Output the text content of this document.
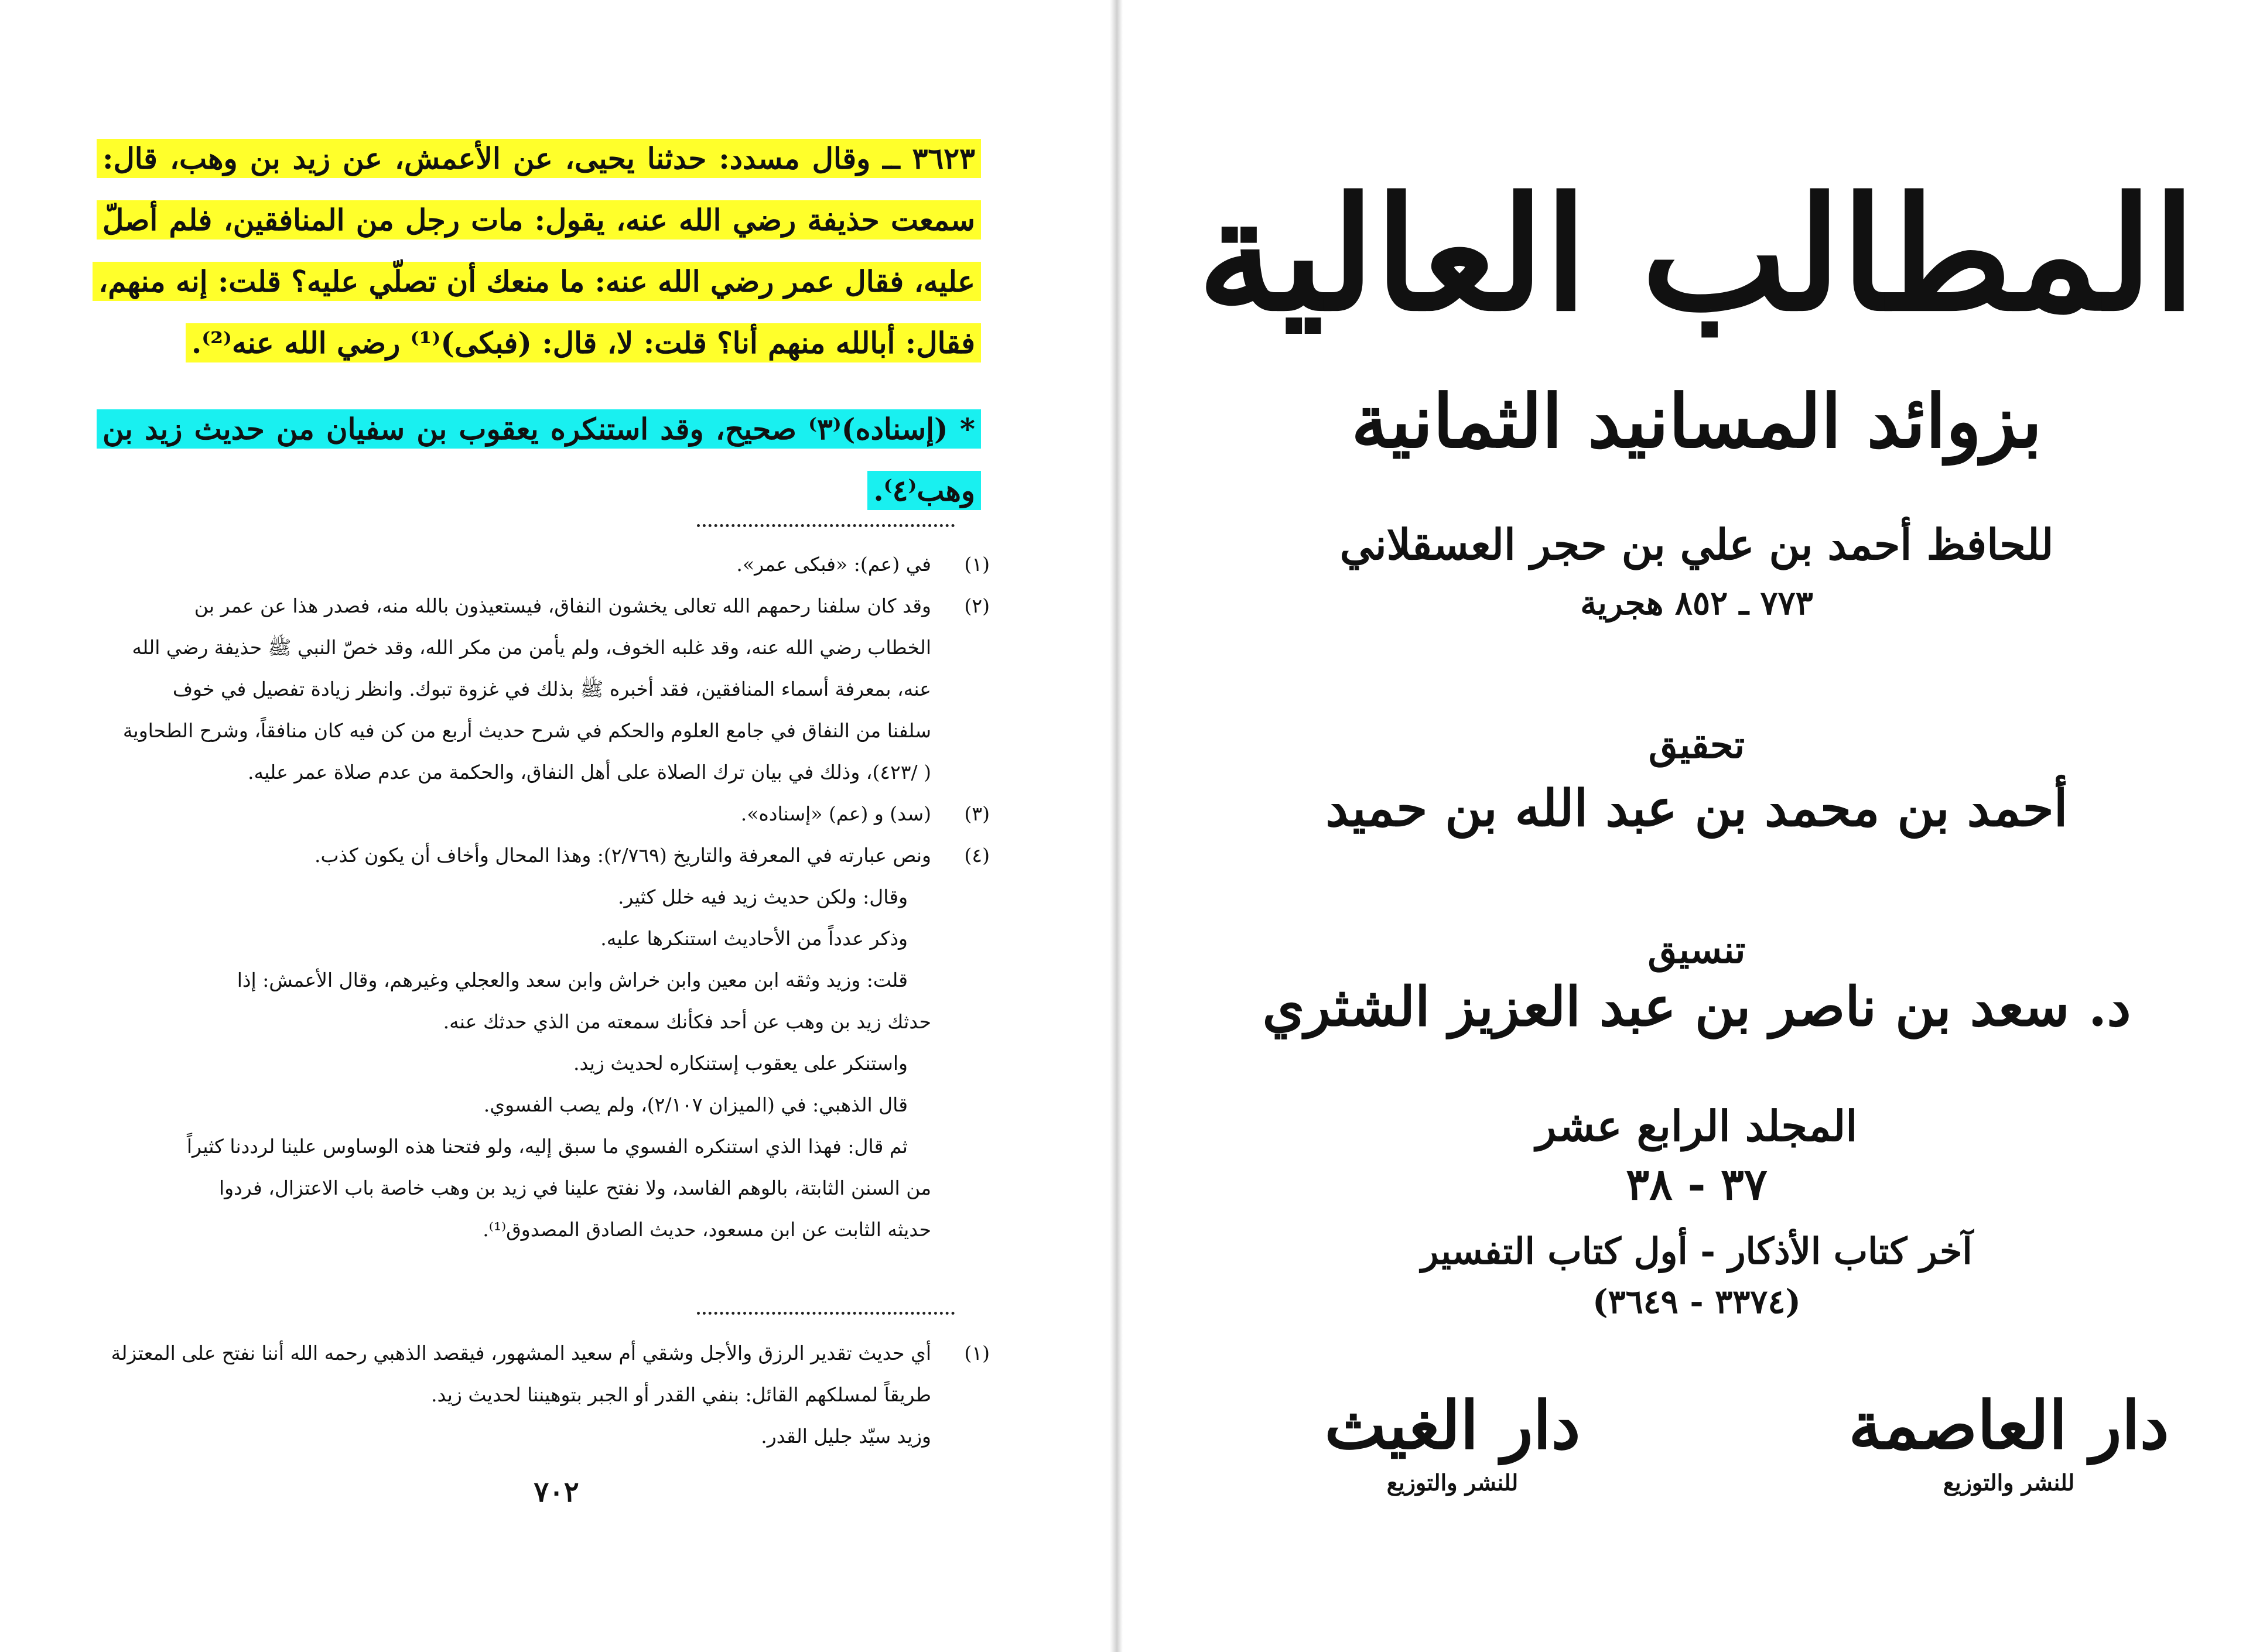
٣٦٢٣ ــ وقال مسدد: حدثنا يحيى، عن الأعمش، عن زيد بن وهب، قال: سمعت حذيفة رضي الله عنه، يقول: مات رجل من المنافقين، فلم أصلّ عليه، فقال عمر رضي الله عنه: ما منعك أن تصلّي عليه؟ قلت: إنه منهم، فقال: أبالله منهم أنا؟ قلت: لا، قال: (فبكى)⁽¹⁾ رضي الله عنه⁽²⁾.
* (إسناده)⁽٣⁾ صحيح، وقد استنكره يعقوب بن سفيان من حديث زيد بن وهب⁽٤⁾.
(١)
في (عم): «فبكى عمر».
(٢)
وقد كان سلفنا رحمهم الله تعالى يخشون النفاق، فيستعيذون بالله منه، فصدر هذا عن عمر بن
الخطاب رضي الله عنه، وقد غلبه الخوف، ولم يأمن من مكر الله، وقد خصّ النبي ﷺ حذيفة رضي الله
عنه، بمعرفة أسماء المنافقين، فقد أخبره ﷺ بذلك في غزوة تبوك. وانظر زيادة تفصيل في خوف
سلفنا من النفاق في جامع العلوم والحكم في شرح حديث أربع من كن فيه كان منافقاً، وشرح الطحاوية
( /٤٢٣)، وذلك في بيان ترك الصلاة على أهل النفاق، والحكمة من عدم صلاة عمر عليه.
(٣)
(سد) و (عم) «إسناده».
(٤)
ونص عبارته في المعرفة والتاريخ (٢/٧٦٩): وهذا المحال وأخاف أن يكون كذب.
وقال: ولكن حديث زيد فيه خلل كثير.
وذكر عدداً من الأحاديث استنكرها عليه.
قلت: وزيد وثقه ابن معين وابن خراش وابن سعد والعجلي وغيرهم، وقال الأعمش: إذا
حدثك زيد بن وهب عن أحد فكأنك سمعته من الذي حدثك عنه.
واستنكر على يعقوب إستنكاره لحديث زيد.
قال الذهبي: في (الميزان ٢/١٠٧)، ولم يصب الفسوي.
ثم قال: فهذا الذي استنكره الفسوي ما سبق إليه، ولو فتحنا هذه الوساوس علينا لرددنا كثيراً
من السنن الثابتة، بالوهم الفاسد، ولا نفتح علينا في زيد بن وهب خاصة باب الاعتزال، فردوا
حديثه الثابت عن ابن مسعود، حديث الصادق المصدوق⁽¹⁾.
(١)
أي حديث تقدير الرزق والأجل وشقي أم سعيد المشهور، فيقصد الذهبي رحمه الله أننا نفتح على المعتزلة
طريقاً لمسلكهم القائل: بنفي القدر أو الجبر بتوهيننا لحديث زيد.
وزيد سيّد جليل القدر.
٧٠٢
المطالب العالية
بزوائد المسانيد الثمانية
للحافظ أحمد بن علي بن حجر العسقلاني
٧٧٣ ـ ٨٥٢ هجرية
تحقيق
أحمد بن محمد بن عبد الله بن حميد
تنسيق
د. سعد بن ناصر بن عبد العزيز الشثري
المجلد الرابع عشر
٣٧ - ٣٨
آخر كتاب الأذكار - أول كتاب التفسير
(٣٣٧٤ - ٣٦٤٩)
دار العاصمة
للنشر والتوزيع
دار الغيث
للنشر والتوزيع
